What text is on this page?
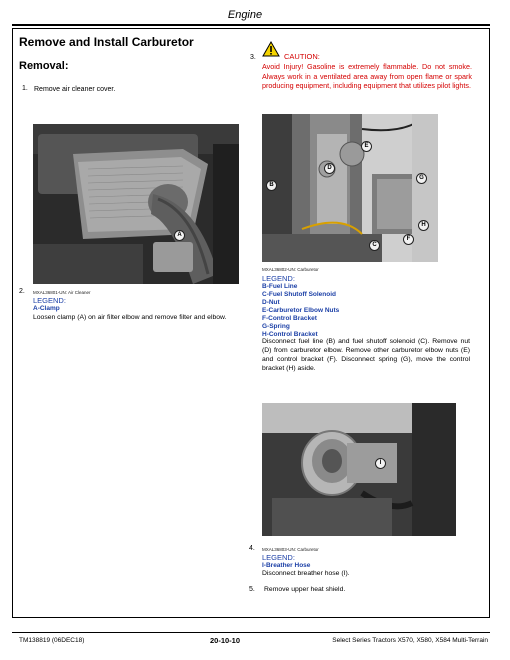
Engine
Remove and Install Carburetor
Removal:
1. Remove air cleaner cover.
A
2. MXAL36801-UN: Air Cleaner
LEGEND:
A-Clamp
Loosen clamp (A) on air filter elbow and remove filter and elbow.
3.	CAUTION:
Avoid Injury! Gasoline is extremely flammable. Do not smoke. Always work in a ventilated area away from open flame or spark producing equipment, including equipment that utilizes pilot lights.
E
D
B
G
H
C
F
MXAL36802-UN: Carburetor
LEGEND:
B-Fuel Line
C-Fuel Shutoff Solenoid
D-Nut
E-Carburetor Elbow Nuts
F-Control Bracket
G-Spring
H-Control Bracket
Disconnect fuel line (B) and fuel shutoff solenoid (C). Remove nut (D) from carburetor elbow. Remove other carburetor elbow nuts (E) and control bracket (F). Disconnect spring (G), move the control bracket (H) aside.
I
4. MXAL36803-UN: Carburetor
LEGEND:
I-Breather Hose
Disconnect breather hose (I).
5. Remove upper heat shield.
TM138819 (06DEC18)	20-10-10	Select Series Tractors X570, X580, X584 Multi-Terrain
